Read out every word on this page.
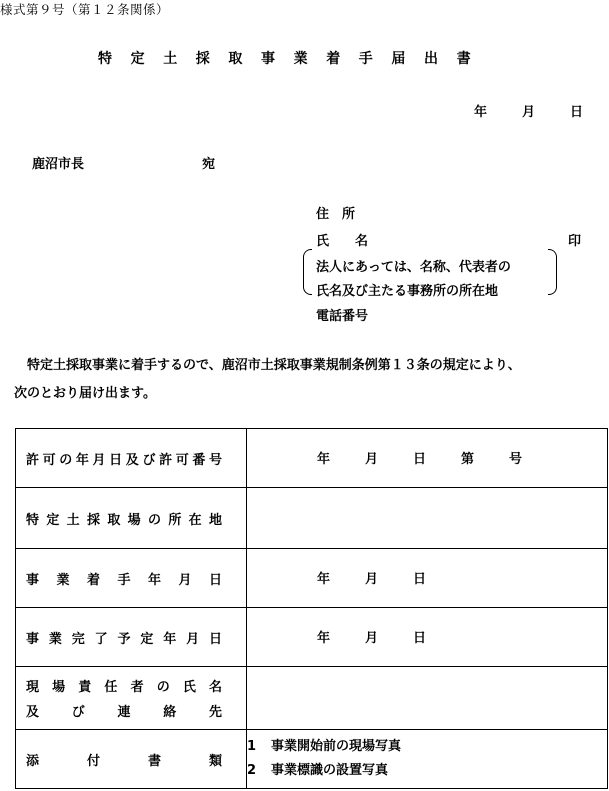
様式第９号（第１２条関係）
特定土採取事業着手届出書
年	月	日
鹿沼市長	宛
住　所
氏　　名	印
法人にあっては、名称、代表者の
氏名及び主たる事務所の所在地
電話番号
特定土採取事業に着手するので、鹿沼市土採取事業規制条例第１３条の規定により、
次のとおり届け出ます。
許可の年月日及び許可番号	年 月 日 第 号

特定土採取場の所在地	

事業着手年月日	年 月 日

事業完了予定年月日	年 月 日

現場責任者の氏名
及び連絡先	

添付書類	1 事業開始前の現場写真
2 事業標識の設置写真
